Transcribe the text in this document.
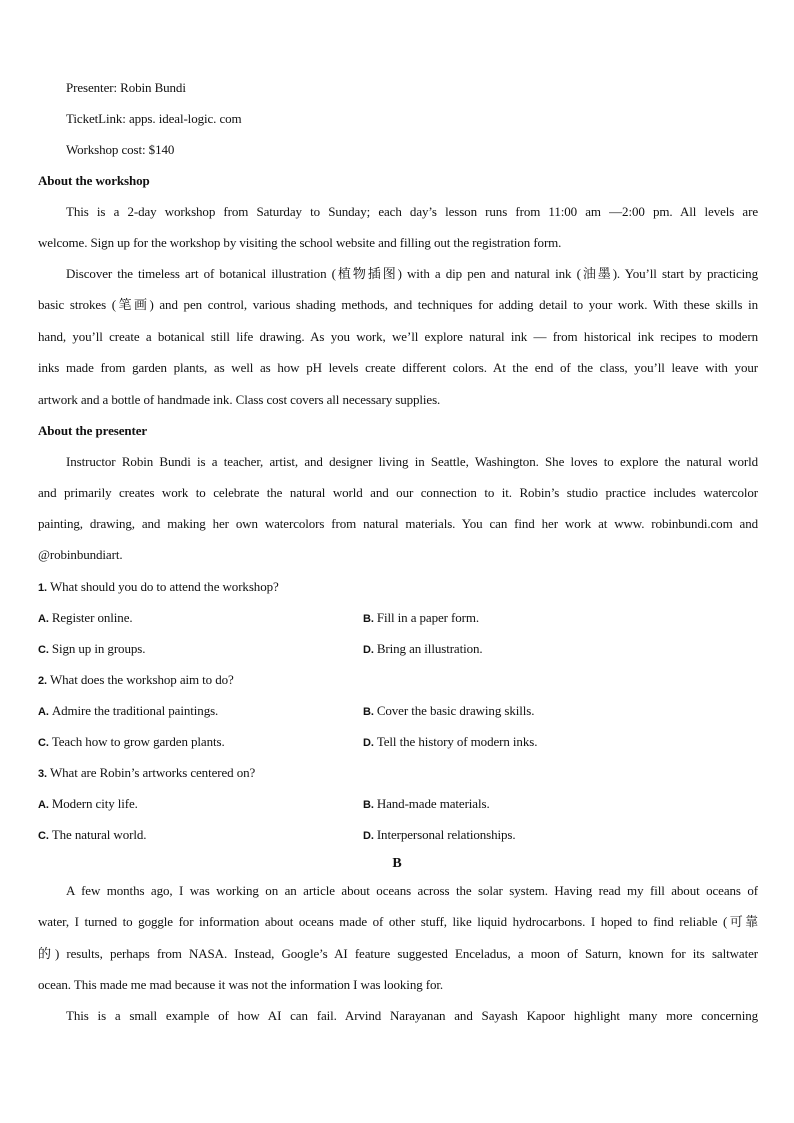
Presenter: Robin Bundi
TicketLink: apps. ideal-logic. com
Workshop cost: $140
About the workshop
This is a 2-day workshop from Saturday to Sunday; each day’s lesson runs from 11:00 am —2:00 pm. All levels are
welcome. Sign up for the workshop by visiting the school website and filling out the registration form.
Discover the timeless art of botanical illustration (植物插图) with a dip pen and natural ink (油墨). You’ll start by practicing
basic strokes (笔画) and pen control, various shading methods, and techniques for adding detail to your work. With these skills in
hand, you’ll create a botanical still life drawing. As you work, we’ll explore natural ink — from historical ink recipes to modern
inks made from garden plants, as well as how pH levels create different colors. At the end of the class, you’ll leave with your
artwork and a bottle of handmade ink. Class cost covers all necessary supplies.
About the presenter
Instructor Robin Bundi is a teacher, artist, and designer living in Seattle, Washington. She loves to explore the natural world
and primarily creates work to celebrate the natural world and our connection to it. Robin’s studio practice includes watercolor
painting, drawing, and making her own watercolors from natural materials. You can find her work at www. robinbundi.com and
@robinbundiart.
1. What should you do to attend the workshop?
A. Register online.	B. Fill in a paper form.
C. Sign up in groups.	D. Bring an illustration.
2. What does the workshop aim to do?
A. Admire the traditional paintings.	B. Cover the basic drawing skills.
C. Teach how to grow garden plants.	D. Tell the history of modern inks.
3. What are Robin’s artworks centered on?
A. Modern city life.	B. Hand-made materials.
C. The natural world.	D. Interpersonal relationships.
B
A few months ago, I was working on an article about oceans across the solar system. Having read my fill about oceans of
water, I turned to goggle for information about oceans made of other stuff, like liquid hydrocarbons. I hoped to find reliable (可靠
的) results, perhaps from NASA. Instead, Google’s AI feature suggested Enceladus, a moon of Saturn, known for its saltwater
ocean. This made me mad because it was not the information I was looking for.
This is a small example of how AI can fail. Arvind Narayanan and Sayash Kapoor highlight many more concerning
